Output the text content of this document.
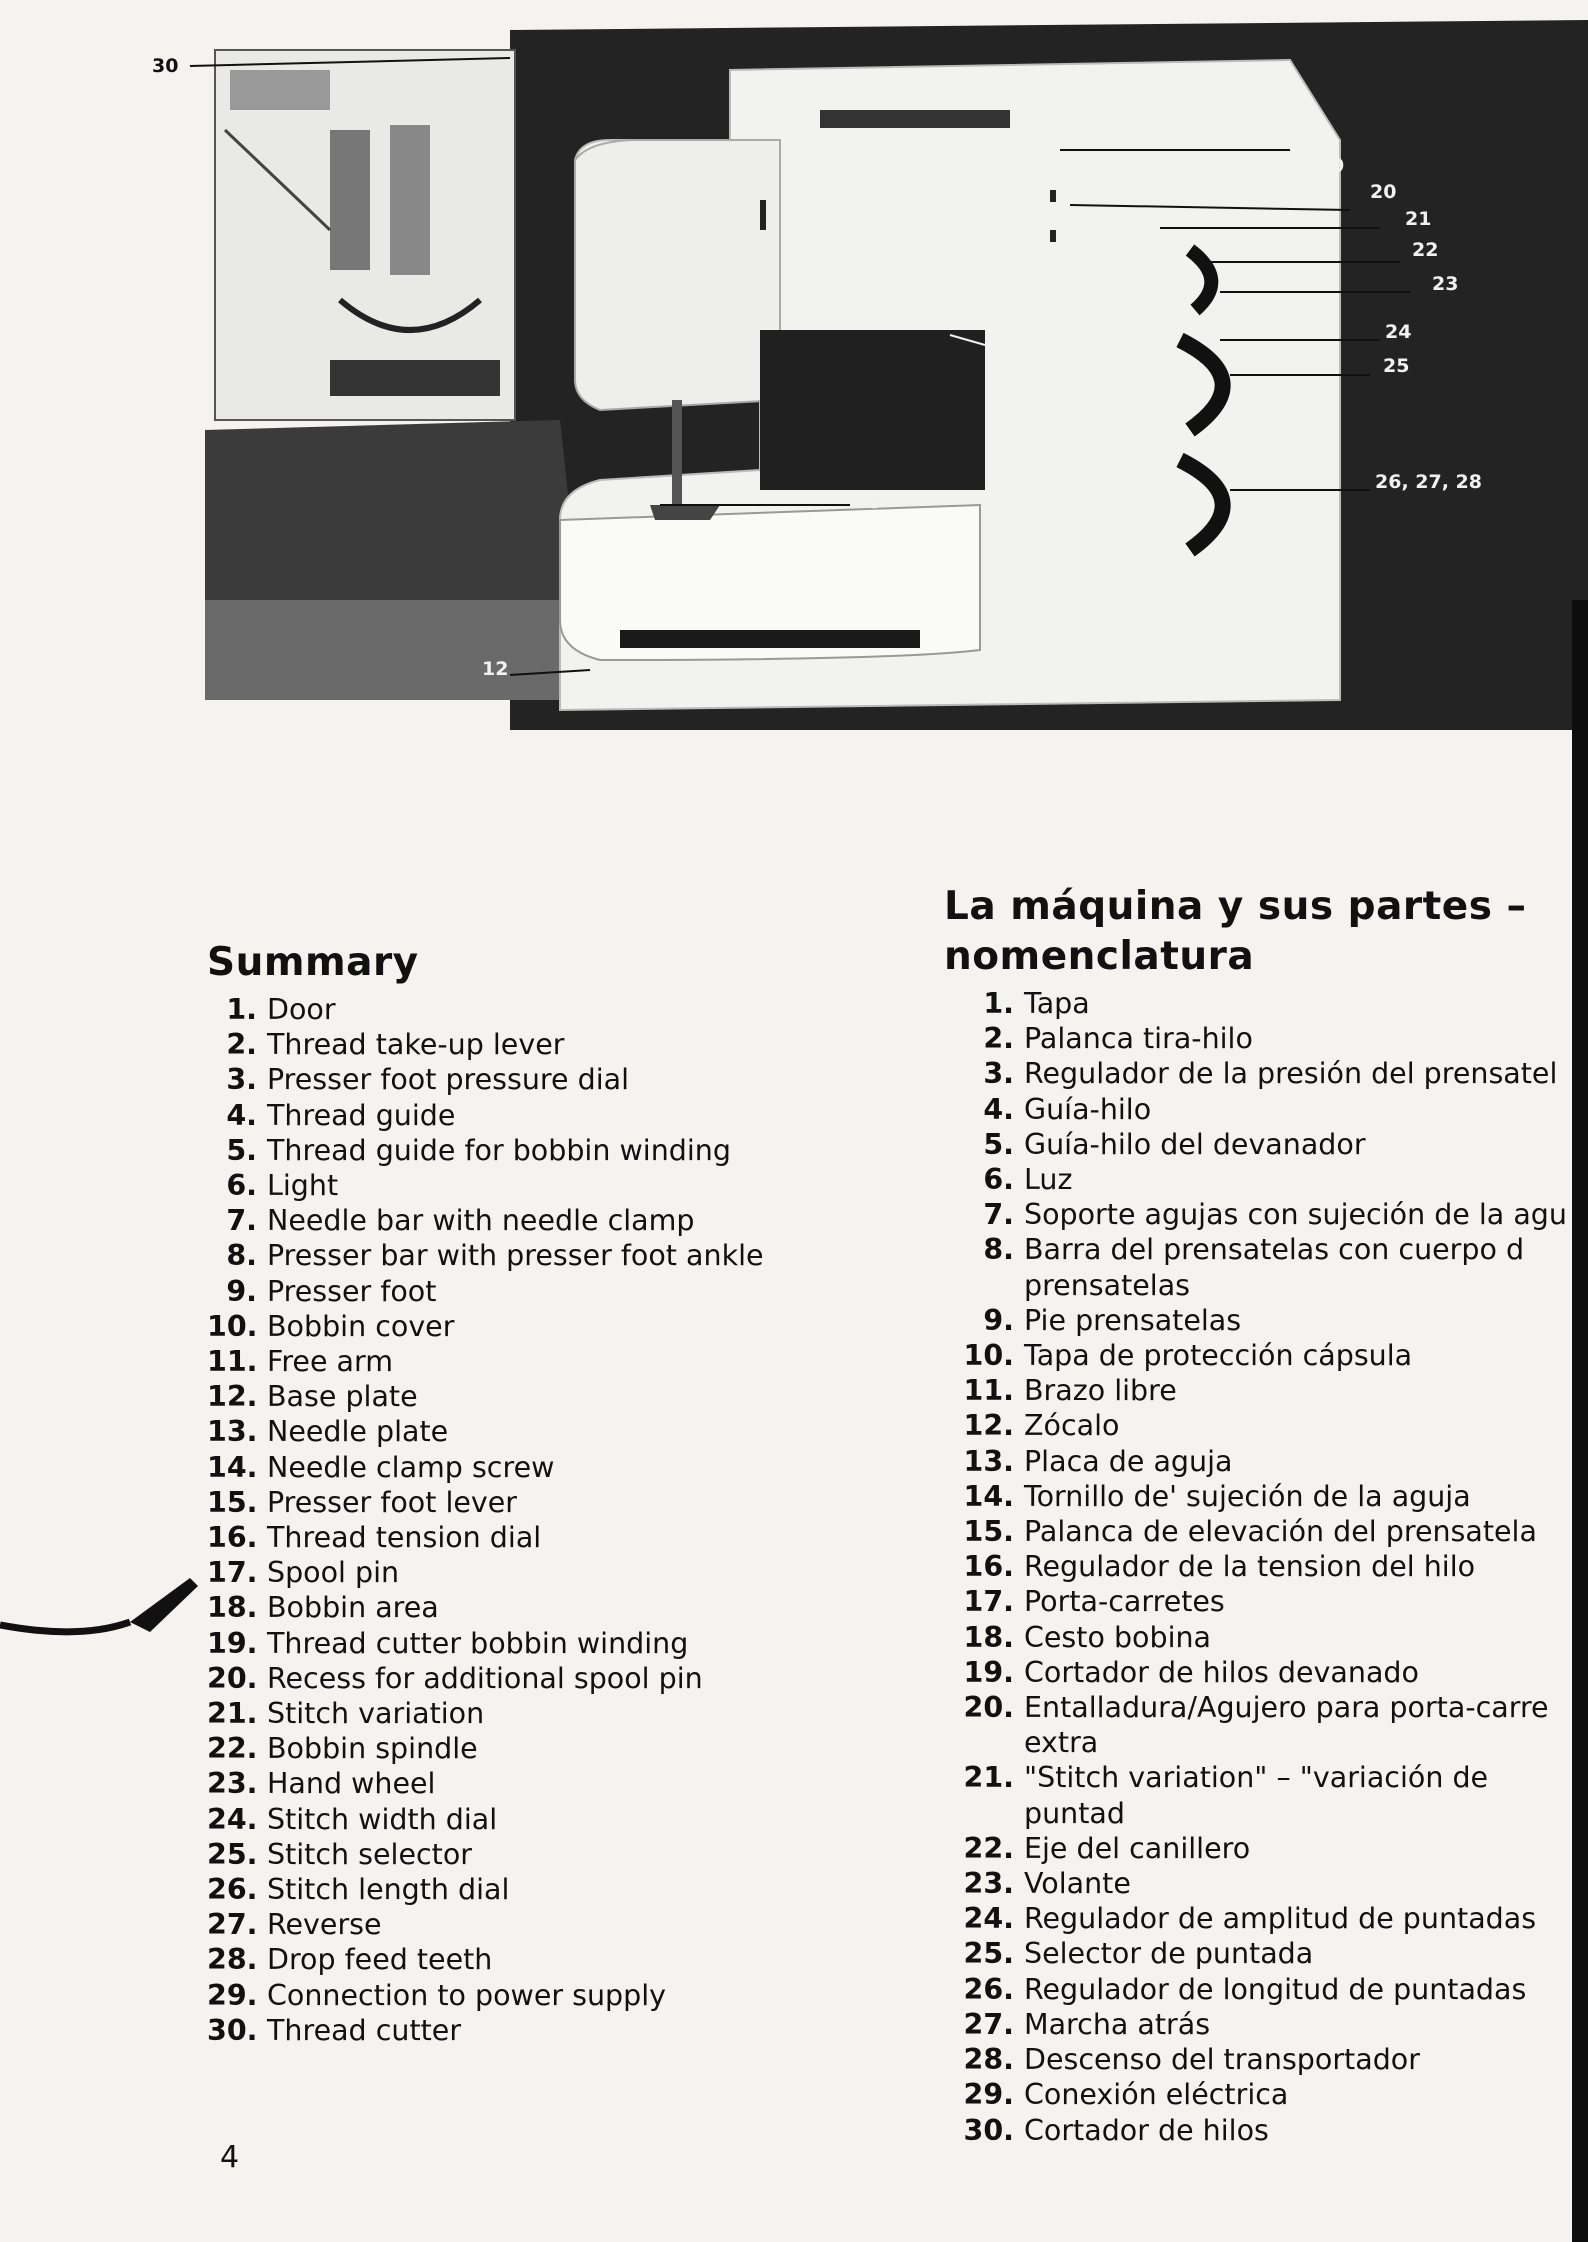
30
19
20
21
22
23
24
25
26, 27, 28
18
13
12
Summary
1. Door
2. Thread take-up lever
3. Presser foot pressure dial
4. Thread guide
5. Thread guide for bobbin winding
6. Light
7. Needle bar with needle clamp
8. Presser bar with presser foot ankle
9. Presser foot
10. Bobbin cover
11. Free arm
12. Base plate
13. Needle plate
14. Needle clamp screw
15. Presser foot lever
16. Thread tension dial
17. Spool pin
18. Bobbin area
19. Thread cutter bobbin winding
20. Recess for additional spool pin
21. Stitch variation
22. Bobbin spindle
23. Hand wheel
24. Stitch width dial
25. Stitch selector
26. Stitch length dial
27. Reverse
28. Drop feed teeth
29. Connection to power supply
30. Thread cutter
La máquina y sus partes –
nomenclatura
1. Tapa
2. Palanca tira-hilo
3. Regulador de la presión del prensatel
4. Guía-hilo
5. Guía-hilo del devanador
6. Luz
7. Soporte agujas con sujeción de la agu
8. Barra del prensatelas con cuerpo d prensatelas
9. Pie prensatelas
10. Tapa de protección cápsula
11. Brazo libre
12. Zócalo
13. Placa de aguja
14. Tornillo de' sujeción de la aguja
15. Palanca de elevación del prensatela
16. Regulador de la tension del hilo
17. Porta-carretes
18. Cesto bobina
19. Cortador de hilos devanado
20. Entalladura/Agujero para porta-carre extra
21. "Stitch variation" – "variación de puntad
22. Eje del canillero
23. Volante
24. Regulador de amplitud de puntadas
25. Selector de puntada
26. Regulador de longitud de puntadas
27. Marcha atrás
28. Descenso del transportador
29. Conexión eléctrica
30. Cortador de hilos
4
